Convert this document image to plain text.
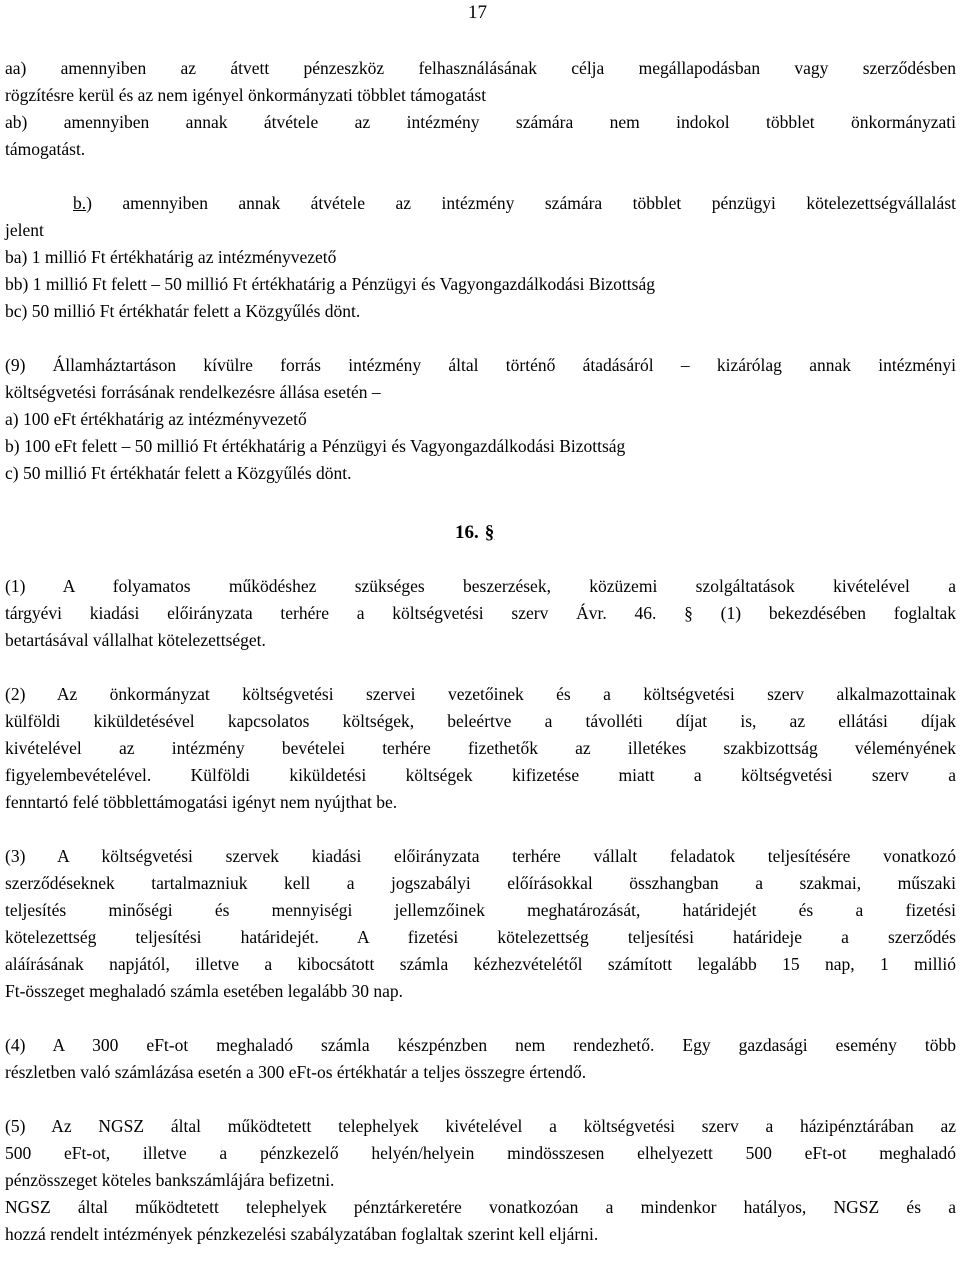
17
aa) amennyiben az átvett pénzeszköz felhasználásának célja megállapodásban vagy szerződésben
rögzítésre kerül és az nem igényel önkormányzati többlet támogatást
ab) amennyiben annak átvétele az intézmény számára nem indokol többlet önkormányzati
támogatást.
b. ) amennyiben annak átvétele az intézmény számára többlet pénzügyi kötelezettségvállalást
jelent
ba) 1 millió Ft értékhatárig az intézményvezető
bb) 1 millió Ft felett – 50 millió Ft értékhatárig a Pénzügyi és Vagyongazdálkodási Bizottság
bc) 50 millió Ft értékhatár felett a Közgyűlés dönt.
(9) Államháztartáson kívülre forrás intézmény által történő átadásáról – kizárólag annak intézményi
költségvetési forrásának rendelkezésre állása esetén –
a) 100 eFt értékhatárig az intézményvezető
b) 100 eFt felett – 50 millió Ft értékhatárig a Pénzügyi és Vagyongazdálkodási Bizottság
c) 50 millió Ft értékhatár felett a Közgyűlés dönt.
16. §
(1) A folyamatos működéshez szükséges beszerzések, közüzemi szolgáltatások kivételével a
tárgyévi kiadási előirányzata terhére a költségvetési szerv Ávr. 46. § (1) bekezdésében foglaltak
betartásával vállalhat kötelezettséget.
(2) Az önkormányzat költségvetési szervei vezetőinek és a költségvetési szerv alkalmazottainak
külföldi kiküldetésével kapcsolatos költségek, beleértve a távolléti díjat is, az ellátási díjak
kivételével az intézmény bevételei terhére fizethetők az illetékes szakbizottság véleményének
figyelembevételével. Külföldi kiküldetési költségek kifizetése miatt a költségvetési szerv a
fenntartó felé többlettámogatási igényt nem nyújthat be.
(3) A költségvetési szervek kiadási előirányzata terhére vállalt feladatok teljesítésére vonatkozó
szerződéseknek tartalmazniuk kell a jogszabályi előírásokkal összhangban a szakmai, műszaki
teljesítés minőségi és mennyiségi jellemzőinek meghatározását, határidejét és a fizetési
kötelezettség teljesítési határidejét. A fizetési kötelezettség teljesítési határideje a szerződés
aláírásának napjától, illetve a kibocsátott számla kézhezvételétől számított legalább 15 nap, 1 millió
Ft-összeget meghaladó számla esetében legalább 30 nap.
(4) A 300 eFt-ot meghaladó számla készpénzben nem rendezhető. Egy gazdasági esemény több
részletben való számlázása esetén a 300 eFt-os értékhatár a teljes összegre értendő.
(5) Az NGSZ által működtetett telephelyek kivételével a költségvetési szerv a házipénztárában az
500 eFt-ot, illetve a pénzkezelő helyén/helyein mindösszesen elhelyezett 500 eFt-ot meghaladó
pénzösszeget köteles bankszámlájára befizetni.
NGSZ által működtetett telephelyek pénztárkeretére vonatkozóan a mindenkor hatályos, NGSZ és a
hozzá rendelt intézmények pénzkezelési szabályzatában foglaltak szerint kell eljárni.
